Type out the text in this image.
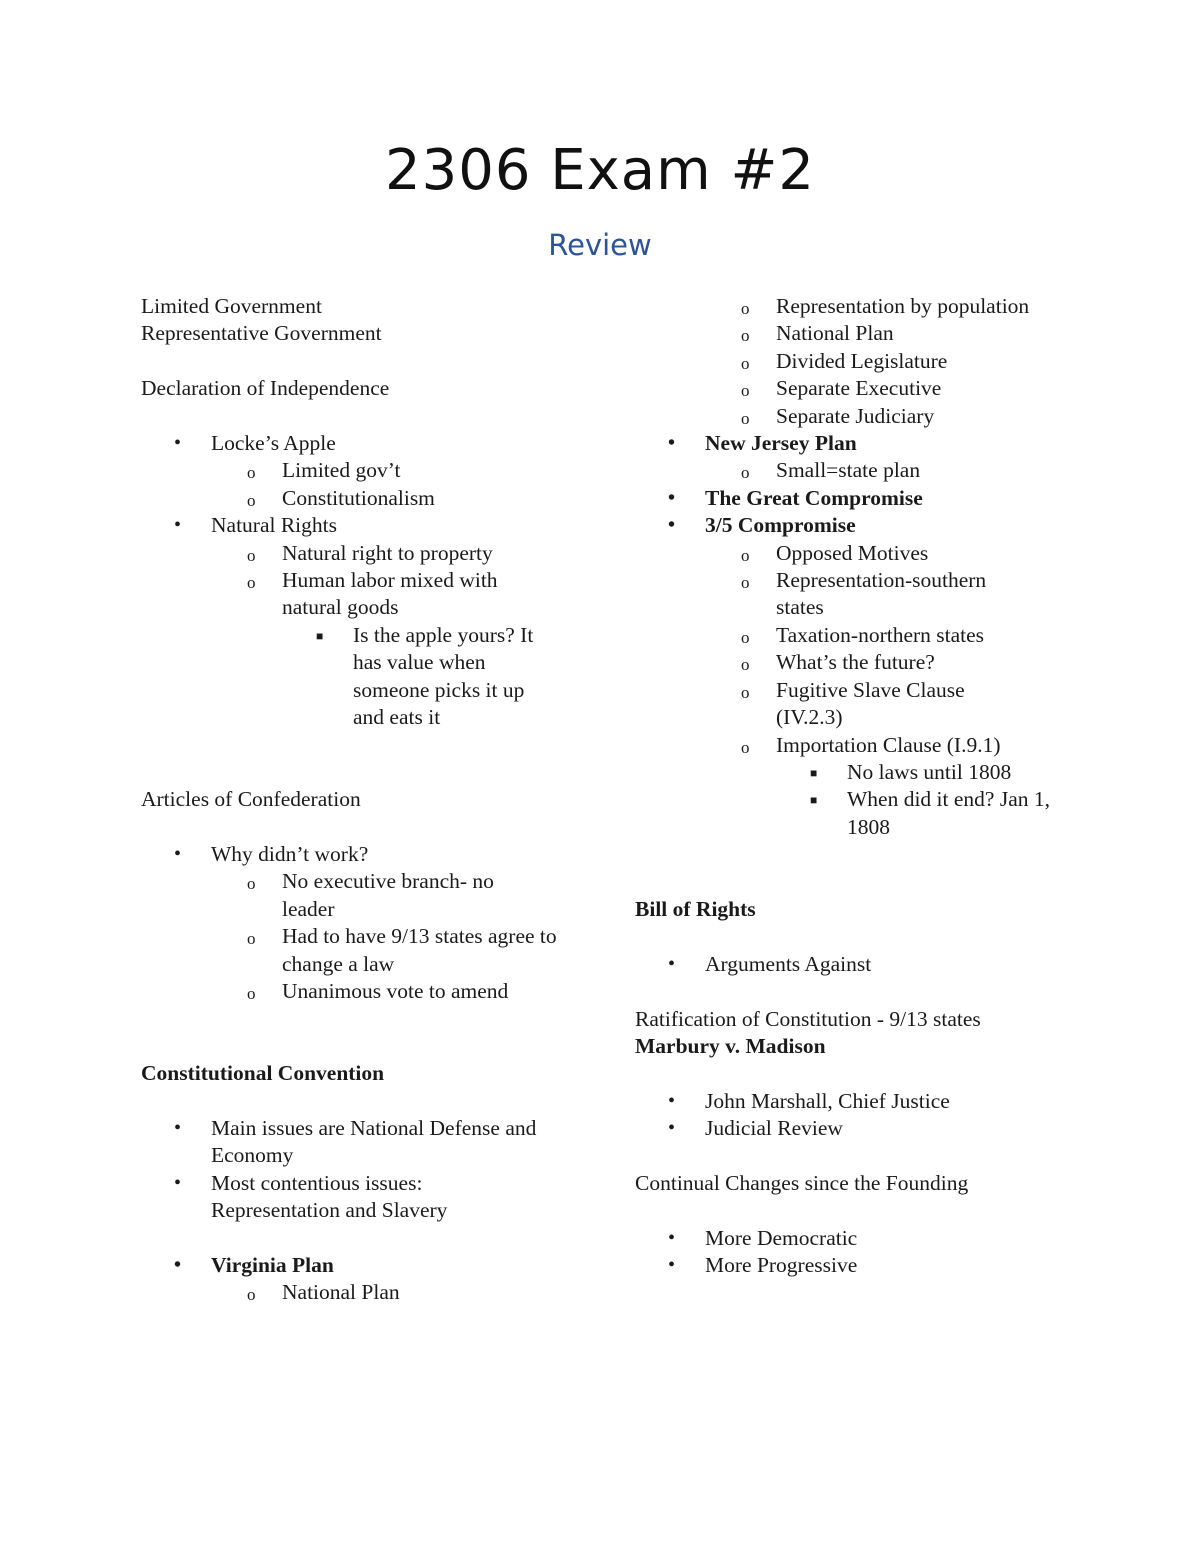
2306 Exam #2
Review
Limited Government
Representative Government
Declaration of Independence
• Locke’s Apple
o Limited gov’t
o Constitutionalism
• Natural Rights
o Natural right to property
o Human labor mixed with natural goods
■ Is the apple yours? It has value when someone picks it up and eats it
Articles of Confederation
• Why didn’t work?
o No executive branch- no leader
o Had to have 9/13 states agree to change a law
o Unanimous vote to amend
Constitutional Convention
• Main issues are National Defense and Economy
• Most contentious issues: Representation and Slavery
• Virginia Plan
o National Plan
o Representation by population
o National Plan
o Divided Legislature
o Separate Executive
o Separate Judiciary
• New Jersey Plan
o Small=state plan
• The Great Compromise
• 3/5 Compromise
o Opposed Motives
o Representation-southern states
o Taxation-northern states
o What’s the future?
o Fugitive Slave Clause (IV.2.3)
o Importation Clause (I.9.1)
■ No laws until 1808
■ When did it end? Jan 1, 1808
Bill of Rights
• Arguments Against
Ratification of Constitution - 9/13 states
Marbury v. Madison
• John Marshall, Chief Justice
• Judicial Review
Continual Changes since the Founding
• More Democratic
• More Progressive
